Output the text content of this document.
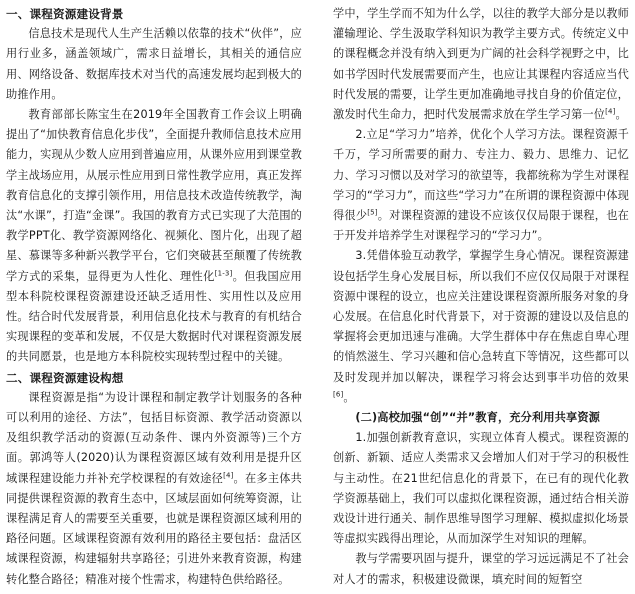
一、课程资源建设背景

信息技术是现代人生产生活赖以依靠的技术“伙伴”，应用行业多，涵盖领域广，需求日益增长，其相关的通信应用、网络设备、数据库技术对当代的高速发展均起到极大的助推作用。

教育部部长陈宝生在2019年全国教育工作会议上明确提出了“加快教育信息化步伐”，全面提升教师信息技术应用能力，实现从少数人应用到普遍应用，从课外应用到课堂教学主战场应用，从展示性应用到日常性教学应用，真正发挥教育信息化的支撑引领作用，用信息技术改造传统教学，淘汰“水课”，打造“金课”。我国的教育方式已实现了大范围的教学PPT化、教学资源网络化、视频化、图片化，出现了超星、慕课等多种新兴教学平台，它们突破甚至颠覆了传统教学方式的采集，显得更为人性化、理性化[1-3]。但我国应用型本科院校课程资源建设还缺乏适用性、实用性以及应用性。结合时代发展背景，利用信息化技术与教育的有机结合实现课程的变革和发展，不仅是大数据时代对课程资源发展的共同愿景，也是地方本科院校实现转型过程中的关键。

二、课程资源建设构想

课程资源是指“为设计课程和制定教学计划服务的各种可以利用的途径、方法”，包括目标资源、教学活动资源以及组织教学活动的资源(互动条件、课内外资源等)三个方面。郭鸿等人(2020)认为课程资源区域有效利用是提升区域课程建设能力并补充学校课程的有效途径[4]。在多主体共同提供课程资源的教育生态中，区域层面如何统筹资源，让课程满足育人的需要至关重要，也就是课程资源区域利用的路径问题。区域课程资源有效利用的路径主要包括：盘活区域课程资源，构建辐射共享路径；引进外来教育资源，构建转化整合路径；精准对接个性需求，构建特色供给路径。

学中，学生学而不知为什么学，以往的教学大部分是以教师灌输理论、学生汲取学科知识为教学主要方式。传统定义中的课程概念并没有纳入到更为广阔的社会科学视野之中，比如书学因时代发展需要而产生，也应让其课程内容适应当代时代发展的需要，让学生更加准确地寻找自身的价值定位，激发时代生命力，把时代发展需求放在学生学习第一位[4]。

2.立足“学习力”培养，优化个人学习方法。课程资源千千万，学习所需要的耐力、专注力、毅力、思维力、记忆力、学习习惯以及对学习的欲望等，我都统称为学生对课程学习的“学习力”，而这些“学习力”在所谓的课程资源中体现得很少[5]。对课程资源的建设不应该仅仅局限于课程，也在于开发并培养学生对课程学习的“学习力”。

3.凭借体验互动教学，掌握学生身心情况。课程资源建设包括学生身心发展目标，所以我们不应仅仅局限于对课程资源中课程的设立，也应关注建设课程资源所服务对象的身心发展。在信息化时代背景下，对于资源的建设以及信息的掌握将会更加迅速与准确。大学生群体中存在焦虑自卑心理的悄然滋生、学习兴趣和信心急转直下等情况，这些都可以及时发现并加以解决，课程学习将会达到事半功倍的效果[6]。

(二)高校加强“创”“并”教育，充分利用共享资源

1.加强创新教育意识，实现立体育人模式。课程资源的创新、新颖、适应人类需求又会增加人们对于学习的积极性与主动性。在21世纪信息化的背景下，在已有的现代化教学资源基础上，我们可以虚拟化课程资源，通过结合相关游戏设计进行通关、制作思维导图学习理解、模拟虚拟化场景等虚拟实践得出理论，从而加深学生对知识的理解。

教与学需要巩固与提升，课堂的学习远远满足不了社会对人才的需求，积极建设微课，填充时间的短暂空
